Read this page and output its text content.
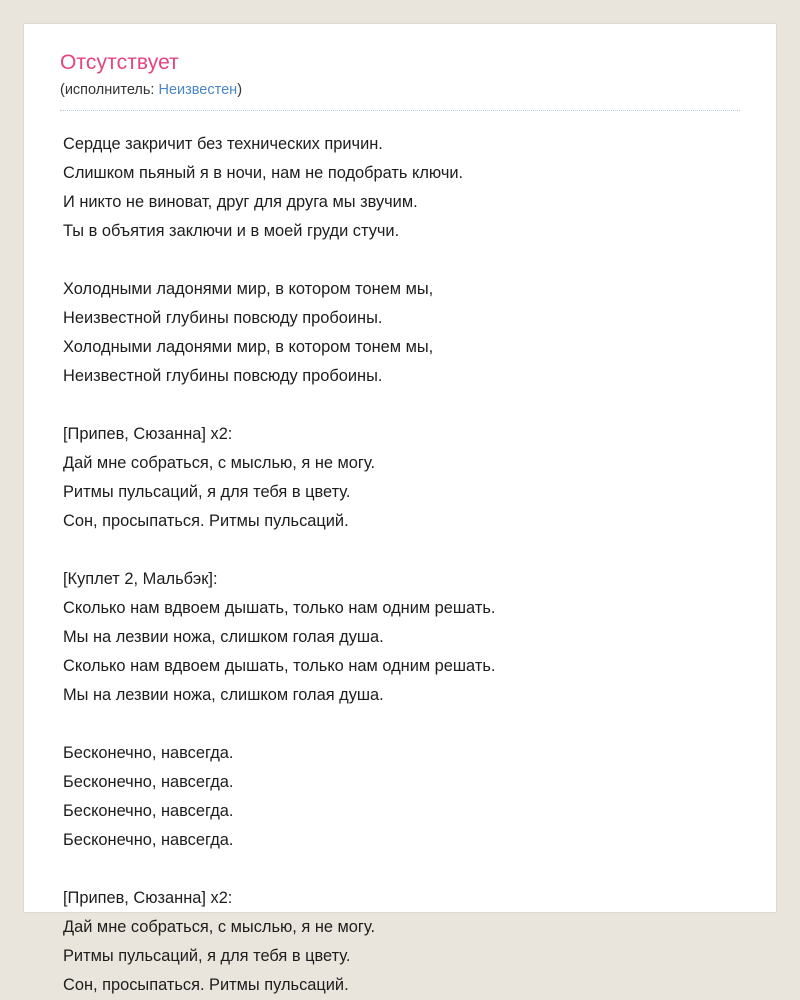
Отсутствует
(исполнитель: Неизвестен)

Сердце закричит без технических причин.
Слишком пьяный я в ночи, нам не подобрать ключи.
И никто не виноват, друг для друга мы звучим.
Ты в объятия заключи и в моей груди стучи.

Холодными ладонями мир, в котором тонем мы,
Неизвестной глубины повсюду пробоины.
Холодными ладонями мир, в котором тонем мы,
Неизвестной глубины повсюду пробоины.

[Припев, Сюзанна] х2:
Дай мне собраться, с мыслью, я не могу.
Ритмы пульсаций, я для тебя в цвету.
Сон, просыпаться. Ритмы пульсаций.

[Куплет 2, Мальбэк]:
Сколько нам вдвоем дышать, только нам одним решать.
Мы на лезвии ножа, слишком голая душа.
Сколько нам вдвоем дышать, только нам одним решать.
Мы на лезвии ножа, слишком голая душа.

Бесконечно, навсегда.
Бесконечно, навсегда.
Бесконечно, навсегда.
Бесконечно, навсегда.

[Припев, Сюзанна] х2:
Дай мне собраться, с мыслью, я не могу.
Ритмы пульсаций, я для тебя в цвету.
Сон, просыпаться. Ритмы пульсаций.
